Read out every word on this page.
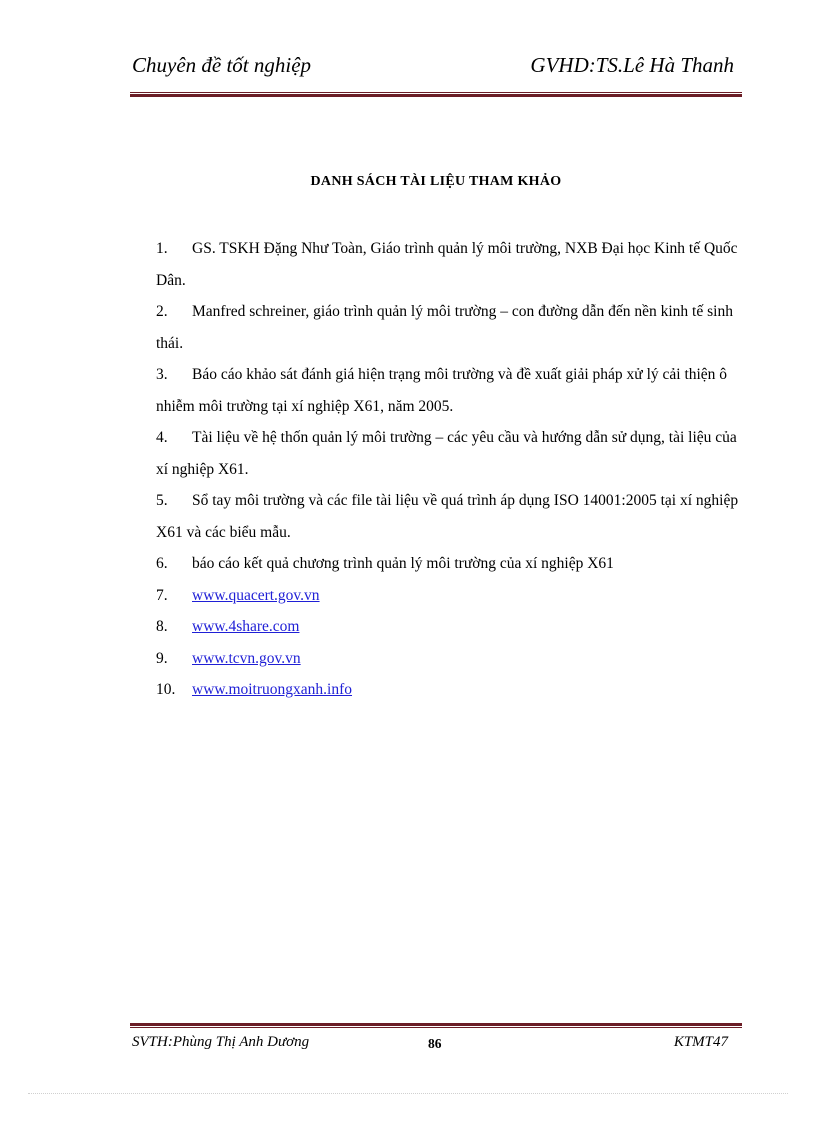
Chuyên đề tốt nghiệp	GVHD:TS.Lê Hà Thanh
DANH SÁCH TÀI LIỆU THAM KHẢO
1. GS. TSKH Đặng Như Toàn, Giáo trình quản lý môi trường, NXB Đại học Kinh tế Quốc Dân.
2. Manfred schreiner, giáo trình quản lý môi trường – con đường dẫn đến nền kinh tế sinh thái.
3. Báo cáo khảo sát đánh giá hiện trạng môi trường và đề xuất giải pháp xử lý cải thiện ô nhiễm môi trường tại xí nghiệp X61, năm 2005.
4. Tài liệu về hệ thốn quản lý môi trường – các yêu cầu và hướng dẫn sử dụng, tài liệu của xí nghiệp X61.
5. Sổ tay môi trường và các file tài liệu về quá trình áp dụng ISO 14001:2005 tại xí nghiệp X61 và các biểu mẫu.
6. báo cáo kết quả chương trình quản lý môi trường của xí nghiệp X61
7. www.quacert.gov.vn
8. www.4share.com
9. www.tcvn.gov.vn
10. www.moitruongxanh.info
SVTH:Phùng Thị Anh Dương	86	KTMT47
